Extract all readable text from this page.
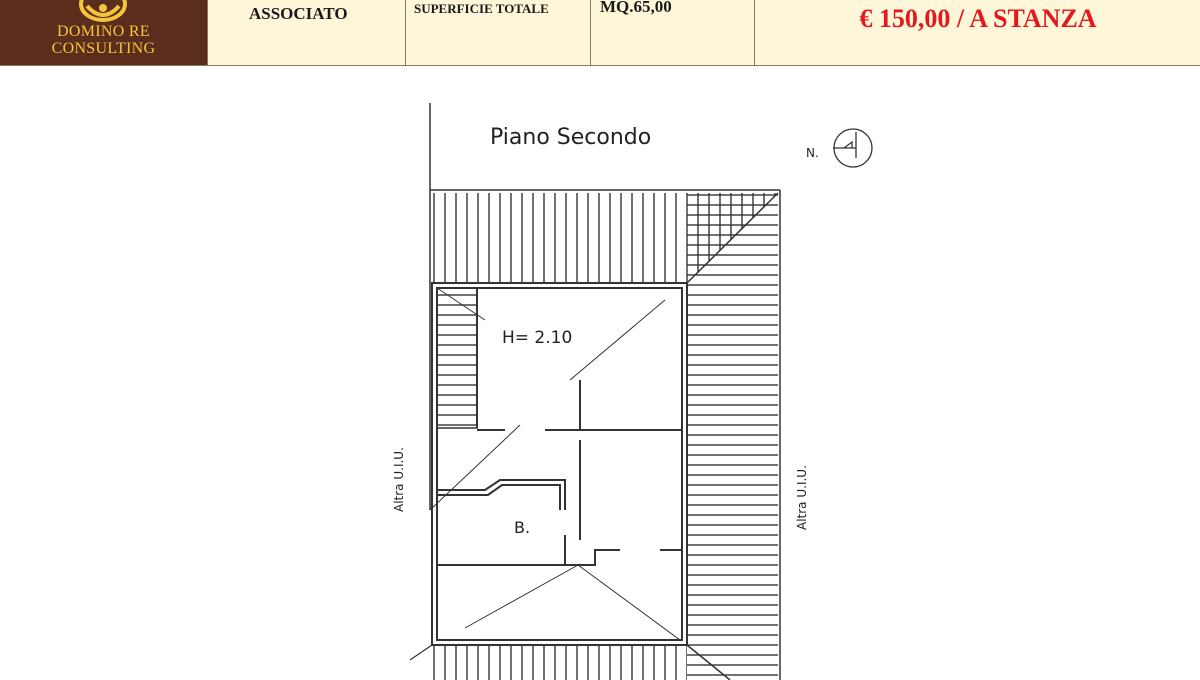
DOMINO RE
CONSULTING
ASSOCIATO	SUPERFICIE TOTALE	MQ.65,00	€ 150,00 / A STANZA
N.
Piano Secondo
H= 2.10
B.
Altra U.I.U.	Altra U.I.U.
